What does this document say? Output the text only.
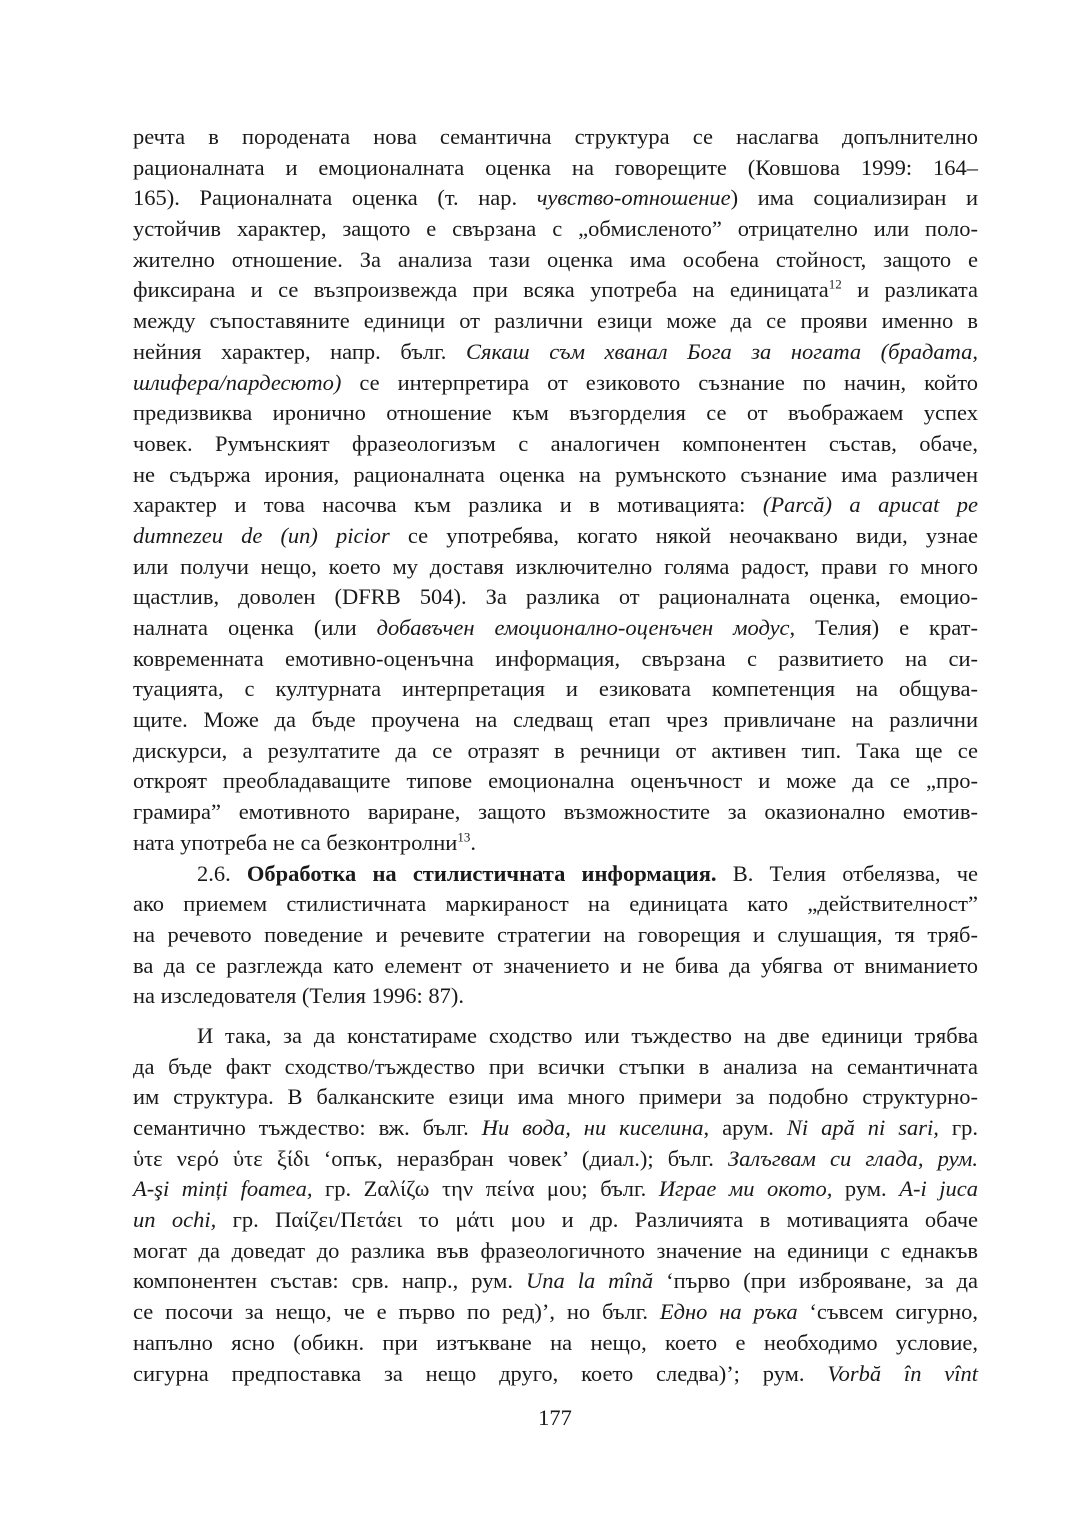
речта в породената нова семантична структура се наслагва допълнително
рационалната и емоционалната оценка на говорещите (Ковшова 1999: 164–
165). Рационалната оценка (т. нар. чувство-отношение) има социализиран и
устойчив характер, защото е свързана с „обмисленото” отрицателно или поло-
жително отношение. За анализа тази оценка има особена стойност, защото е
фиксирана и се възпроизвежда при всяка употреба на единицата$^{12}$ и разликата
между съпоставяните единици от различни езици може да се прояви именно в
нейния характер, напр. бълг. Сякаш съм хванал Бога за ногата (брадата,
шлифера/пардесюто) се интерпретира от езиковото съзнание по начин, който
предизвиква иронично отношение към възгорделия се от въображаем успех
човек. Румънският фразеологизъм с аналогичен компонентен състав, обаче,
не съдържа ирония, рационалната оценка на румънското съзнание има различен
характер и това насочва към разлика и в мотивацията: (Parcă) a apucat pe
dumnezeu de (un) picior се употребява, когато някой неочаквано види, узнае
или получи нещо, което му доставя изключително голяма радост, прави го много
щастлив, доволен (DFRB 504). За разлика от рационалната оценка, емоцио-
налната оценка (или добавъчен емоционално-оценъчен модус, Телия) е крат-
ковременната емотивно-оценъчна информация, свързана с развитието на си-
туацията, с културната интерпретация и езиковата компетенция на общува-
щите. Може да бъде проучена на следващ етап чрез привличане на различни
дискурси, а резултатите да се отразят в речници от активен тип. Така ще се
откроят преобладаващите типове емоционална оценъчност и може да се „про-
грамира” емотивното вариране, защото възможностите за оказионално емотив-
ната употреба не са безконтролни$^{13}$.
2.6. Обработка на стилистичната информация. В. Телия отбелязва, че
ако приемем стилистичната маркираност на единицата като „действителност”
на речевото поведение и речевите стратегии на говорещия и слушащия, тя тряб-
ва да се разглежда като елемент от значението и не бива да убягва от вниманието
на изследователя (Телия 1996: 87).
И така, за да констатираме сходство или тъждество на две единици трябва
да бъде факт сходство/тъждество при всички стъпки в анализа на семантичната
им структура. В балканските езици има много примери за подобно структурно-
семантично тъждество: вж. бълг. Ни вода, ни киселина, арум. Ni apă ni sari, гр.
ὑτε νερό ὑτε ξίδι ‘опък, неразбран човек’ (диал.); бълг. Залъгвам си глада, рум.
A-şi minți foamea, гр. Ζαλίζω την πείνα μου; бълг. Играе ми окото, рум. A-i juca
un ochi, гр. Παίζει/Πετάει το μάτι μου и др. Различията в мотивацията обаче
могат да доведат до разлика във фразеологичното значение на единици с еднакъв
компонентен състав: срв. напр., рум. Una la mînă ‘първо (при изброяване, за да
се посочи за нещо, че е първо по ред)’, но бълг. Едно на ръка ‘съвсем сигурно,
напълно ясно (обикн. при изтъкване на нещо, което е необходимо условие,
сигурна предпоставка за нещо друго, което следва)’; рум. Vorbă în vînt
177
